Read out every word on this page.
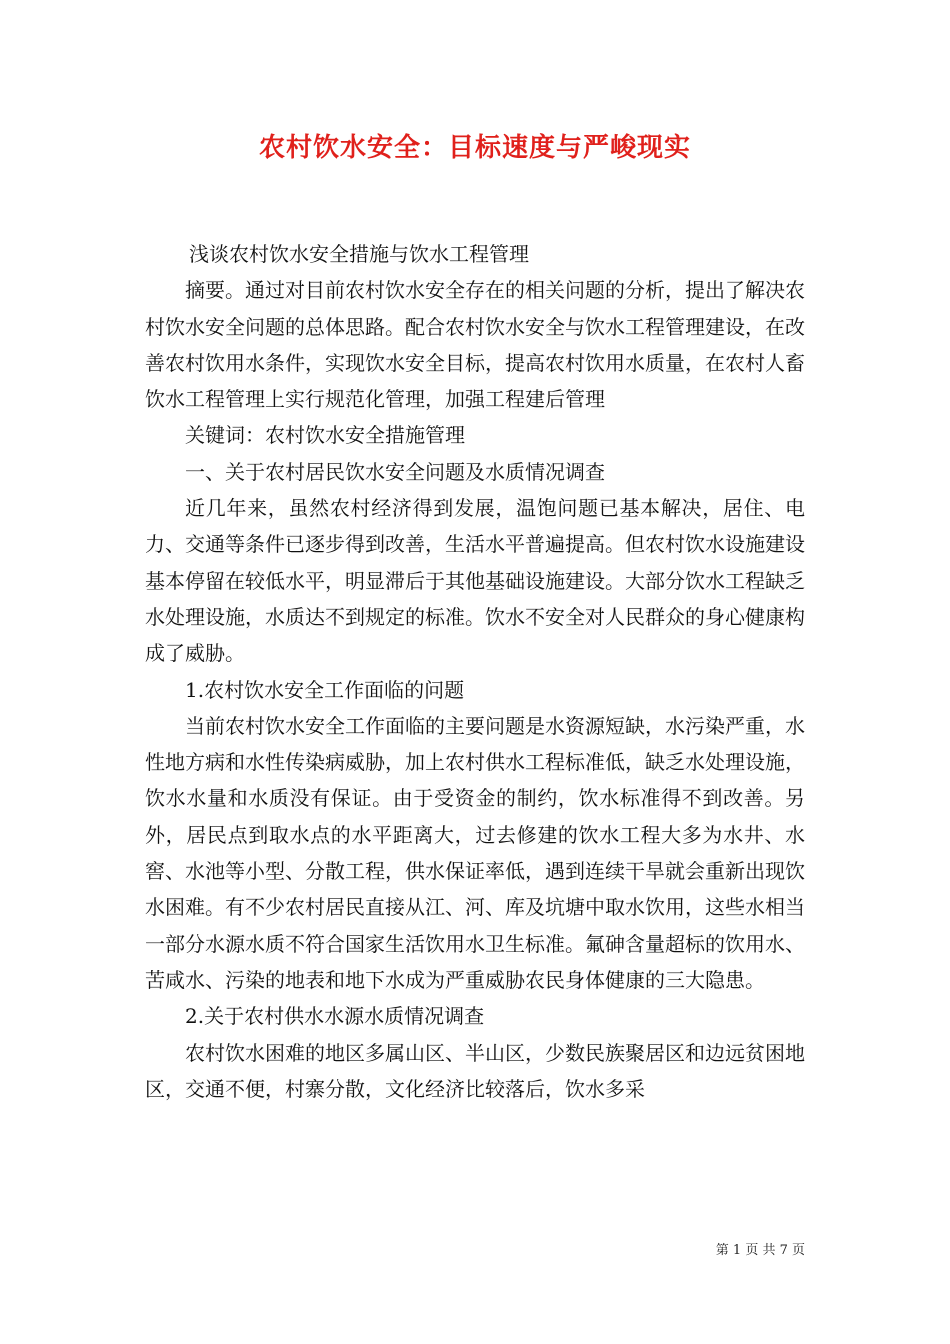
农村饮水安全：目标速度与严峻现实

浅谈农村饮水安全措施与饮水工程管理

摘要。通过对目前农村饮水安全存在的相关问题的分析，提出了解决农村饮水安全问题的总体思路。配合农村饮水安全与饮水工程管理建设，在改善农村饮用水条件，实现饮水安全目标，提高农村饮用水质量，在农村人畜饮水工程管理上实行规范化管理，加强工程建后管理

关键词：农村饮水安全措施管理

一、关于农村居民饮水安全问题及水质情况调查

近几年来，虽然农村经济得到发展，温饱问题已基本解决，居住、电力、交通等条件已逐步得到改善，生活水平普遍提高。但农村饮水设施建设基本停留在较低水平，明显滞后于其他基础设施建设。大部分饮水工程缺乏水处理设施，水质达不到规定的标准。饮水不安全对人民群众的身心健康构成了威胁。

1.农村饮水安全工作面临的问题

当前农村饮水安全工作面临的主要问题是水资源短缺，水污染严重，水性地方病和水性传染病威胁，加上农村供水工程标准低，缺乏水处理设施，饮水水量和水质没有保证。由于受资金的制约，饮水标准得不到改善。另外，居民点到取水点的水平距离大，过去修建的饮水工程大多为水井、水窖、水池等小型、分散工程，供水保证率低，遇到连续干旱就会重新出现饮水困难。有不少农村居民直接从江、河、库及坑塘中取水饮用，这些水相当一部分水源水质不符合国家生活饮用水卫生标准。氟砷含量超标的饮用水、苦咸水、污染的地表和地下水成为严重威胁农民身体健康的三大隐患。

2.关于农村供水水源水质情况调查

农村饮水困难的地区多属山区、半山区，少数民族聚居区和边远贫困地区，交通不便，村寨分散，文化经济比较落后，饮水多采

第 1 页 共 7 页
